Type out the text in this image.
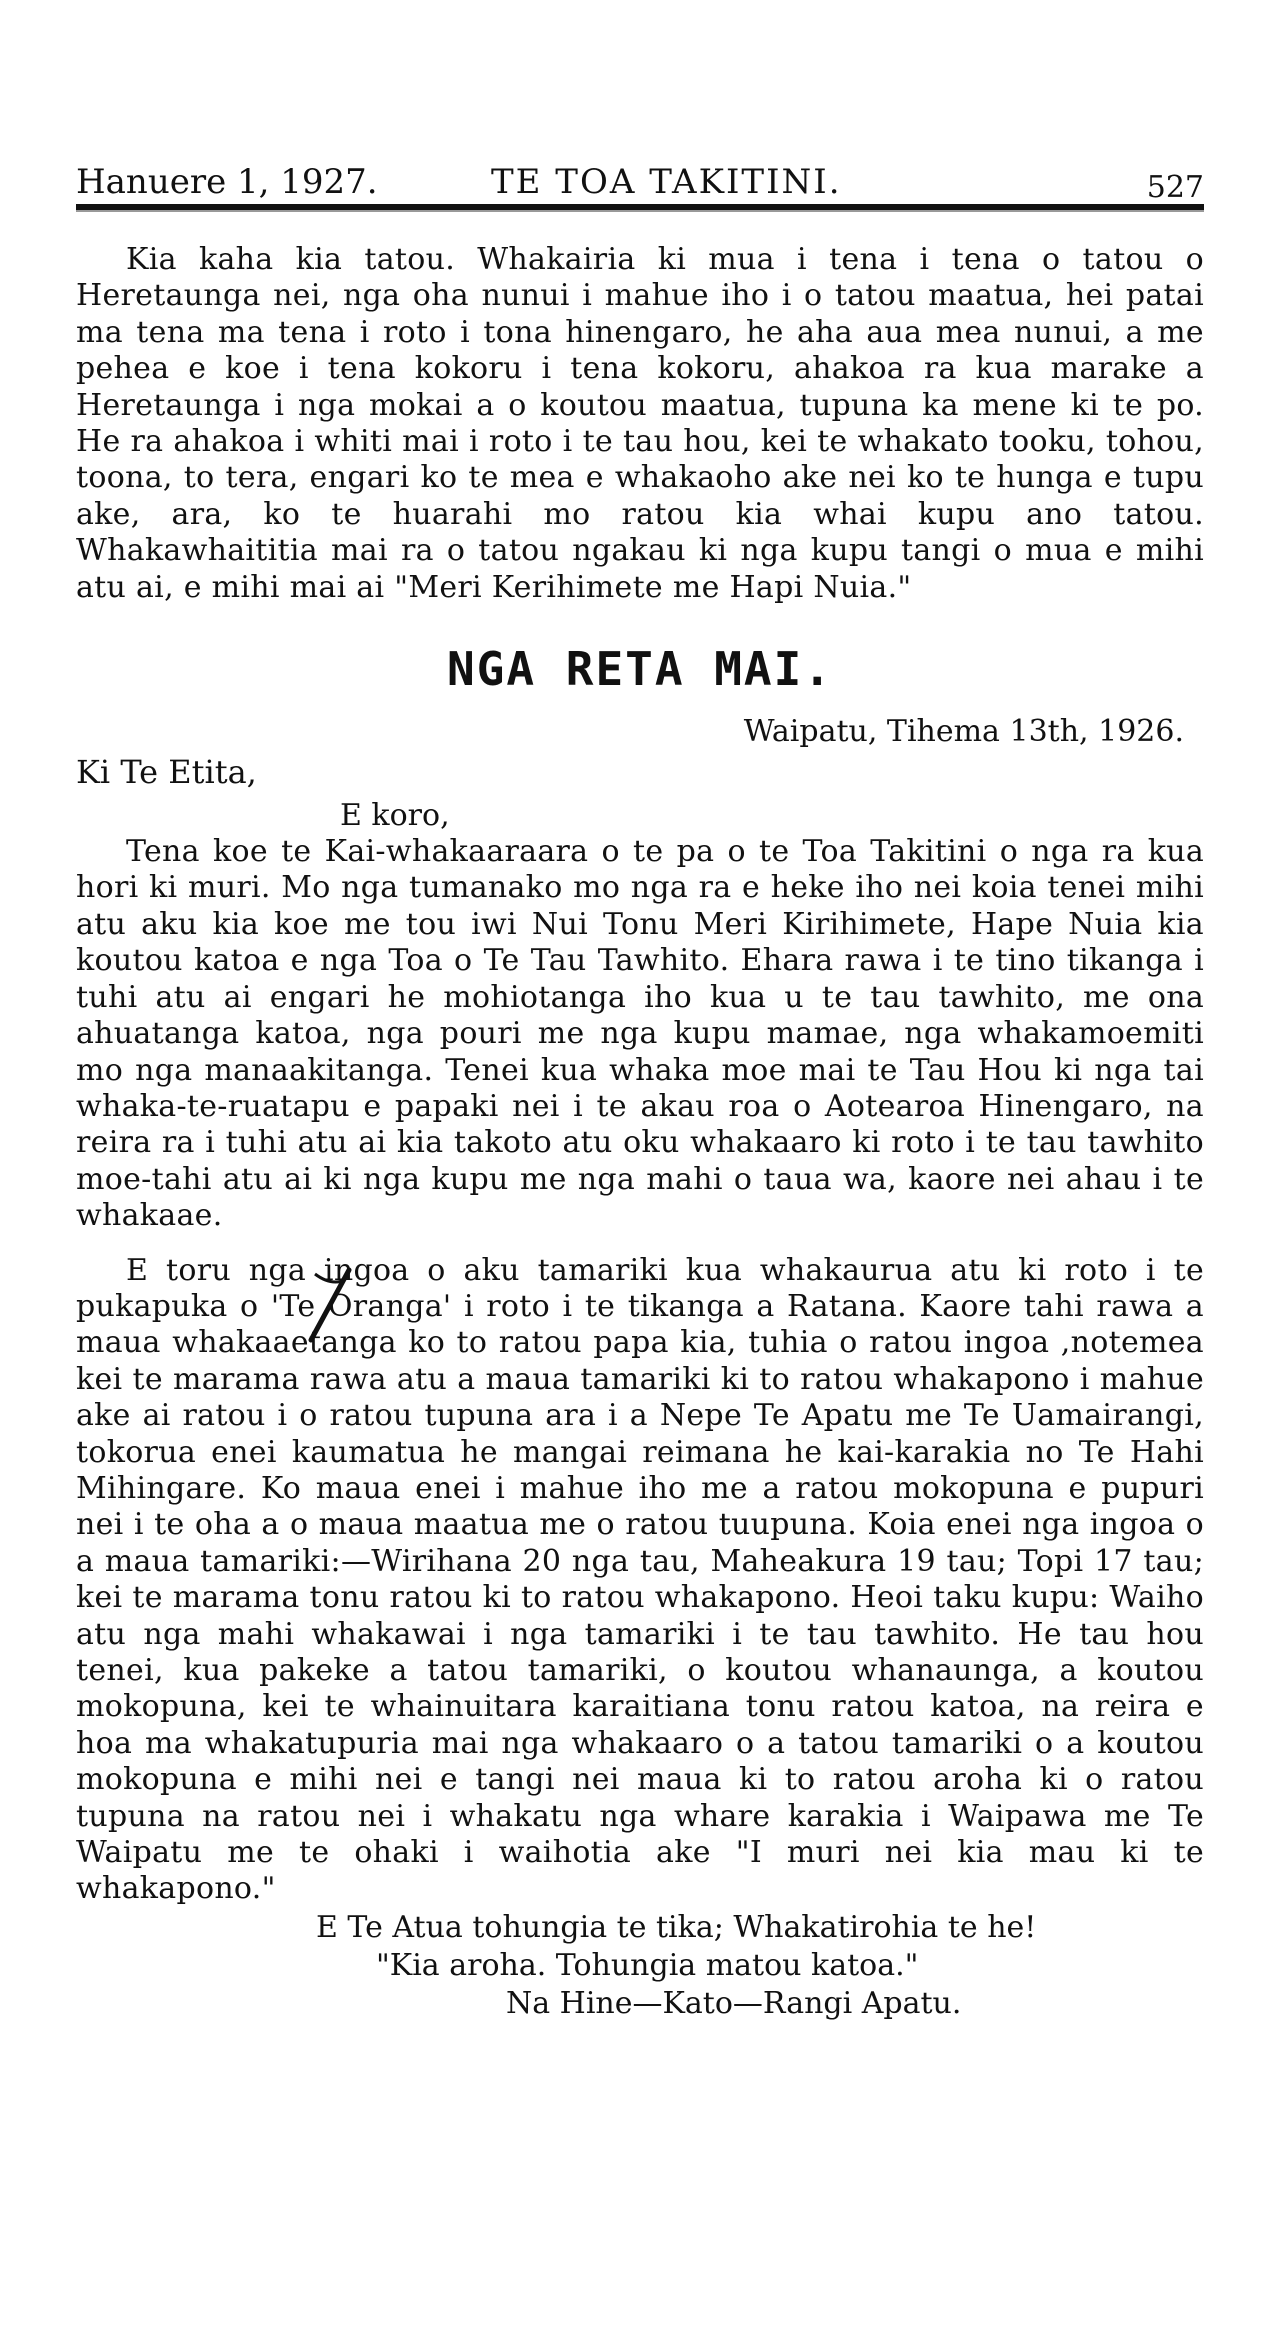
Hanuere 1, 1927.	TE TOA TAKITINI.	527

Kia kaha kia tatou. Whakairia ki mua i tena i tena o tatou o Heretaunga nei, nga oha nunui i mahue iho i o tatou maatua, hei patai ma tena ma tena i roto i tona hinengaro, he aha aua mea nunui, a me pehea e koe i tena kokoru i tena kokoru, ahakoa ra kua marake a Heretaunga i nga mokai a o koutou maatua, tupuna ka mene ki te po. He ra ahakoa i whiti mai i roto i te tau hou, kei te whakato tooku, tohou, toona, to tera, engari ko te mea e whakaoho ake nei ko te hunga e tupu ake, ara, ko te huarahi mo ratou kia whai kupu ano tatou. Whakawhaititia mai ra o tatou ngakau ki nga kupu tangi o mua e mihi atu ai, e mihi mai ai "Meri Kerihimete me Hapi Nuia."

NGA RETA MAI.
Waipatu, Tihema 13th, 1926.
Ki Te Etita,
E koro,

Tena koe te Kai-whakaaraara o te pa o te Toa Takitini o nga ra kua hori ki muri. Mo nga tumanako mo nga ra e heke iho nei koia tenei mihi atu aku kia koe me tou iwi Nui Tonu Meri Kirihimete, Hape Nuia kia koutou katoa e nga Toa o Te Tau Tawhito. Ehara rawa i te tino tikanga i tuhi atu ai engari he mohiotanga iho kua u te tau tawhito, me ona ahuatanga katoa, nga pouri me nga kupu mamae, nga whakamoemiti mo nga manaakitanga. Tenei kua whaka moe mai te Tau Hou ki nga tai whaka-te-ruatapu e papaki nei i te akau roa o Aotearoa Hinengaro, na reira ra i tuhi atu ai kia takoto atu oku whakaaro ki roto i te tau tawhito moe-tahi atu ai ki nga kupu me nga mahi o taua wa, kaore nei ahau i te whakaae.

E toru nga ingoa o aku tamariki kua whakaurua atu ki roto i te pukapuka o 'Te Oranga' i roto i te tikanga a Ratana. Kaore tahi rawa a maua whakaaetanga ko to ratou papa kia, tuhia o ratou ingoa ,notemea kei te marama rawa atu a maua tamariki ki to ratou whakapono i mahue ake ai ratou i o ratou tupuna ara i a Nepe Te Apatu me Te Uamairangi, tokorua enei kaumatua he mangai reimana he kai-karakia no Te Hahi Mihingare. Ko maua enei i mahue iho me a ratou mokopuna e pupuri nei i te oha a o maua maatua me o ratou tuupuna. Koia enei nga ingoa o a maua tamariki:—Wirihana 20 nga tau, Maheakura 19 tau; Topi 17 tau; kei te marama tonu ratou ki to ratou whakapono. Heoi taku kupu: Waiho atu nga mahi whakawai i nga tamariki i te tau tawhito. He tau hou tenei, kua pakeke a tatou tamariki, o koutou whanaunga, a koutou mokopuna, kei te whainuitara karaitiana tonu ratou katoa, na reira e hoa ma whakatupuria mai nga whakaaro o a tatou tamariki o a koutou mokopuna e mihi nei e tangi nei maua ki to ratou aroha ki o ratou tupuna na ratou nei i whakatu nga whare karakia i Waipawa me Te Waipatu me te ohaki i waihotia ake "I muri nei kia mau ki te whakapono."

E Te Atua tohungia te tika; Whakatirohia te he!
"Kia aroha. Tohungia matou katoa."
Na Hine—Kato—Rangi Apatu.
